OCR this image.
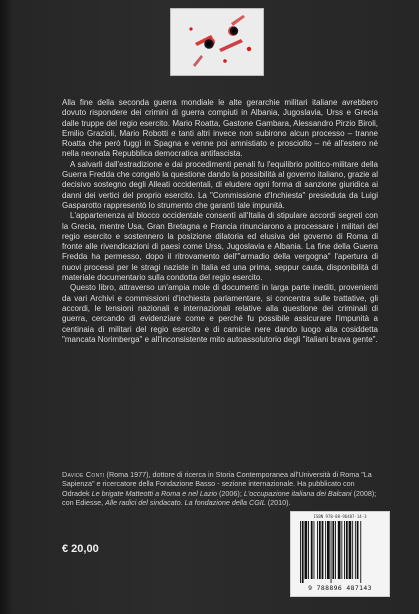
Alla fine della seconda guerra mondiale le alte gerarchie militari italiane avrebbero dovuto rispondere dei crimini di guerra compiuti in Albania, Jugoslavia, Urss e Grecia dalle truppe del regio esercito. Mario Roatta, Gastone Gambara, Alessandro Pirzio Biroli, Emilio Grazioli, Mario Robotti e tanti altri invece non subirono alcun processo – tranne Roatta che però fuggì in Spagna e venne poi amnistiato e prosciolto – né all'estero né nella neonata Repubblica democratica antifascista.

A salvarli dall'estradizione e dai procedimenti penali fu l'equilibrio politico-militare della Guerra Fredda che congelò la questione dando la possibilità al governo italiano, grazie al decisivo sostegno degli Alleati occidentali, di eludere ogni forma di sanzione giuridica ai danni dei vertici del proprio esercito. La "Commissione d'Inchiesta" presieduta da Luigi Gasparotto rappresentò lo strumento che garantì tale impunità.

L'appartenenza al blocco occidentale consentì all'Italia di stipulare accordi segreti con la Grecia, mentre Usa, Gran Bretagna e Francia rinunciarono a processare i militari del regio esercito e sostennero la posizione dilatoria ed elusiva del governo di Roma di fronte alle rivendicazioni di paesi come Urss, Jugoslavia e Albania. La fine della Guerra Fredda ha permesso, dopo il ritrovamento dell'"armadio della vergogna" l'apertura di nuovi processi per le stragi naziste in Italia ed una prima, seppur cauta, disponibilità di materiale documentario sulla condotta del regio esercito.

Questo libro, attraverso un'ampia mole di documenti in larga parte inediti, provenienti da vari Archivi e commissioni d'inchiesta parlamentare, si concentra sulle trattative, gli accordi, le tensioni nazionali e internazionali relative alla questione dei criminali di guerra, cercando di evidenziare come e perché fu possibile assicurare l'impunità a centinaia di militari del regio esercito e di camicie nere dando luogo alla cosiddetta "mancata Norimberga" e all'inconsistente mito autoassolutorio degli "italiani brava gente".

Davide Conti (Roma 1977), dottore di ricerca in Storia Contemporanea all'Università di Roma "La Sapienza" e ricercatore della Fondazione Basso - sezione internazionale. Ha pubblicato con Odradek Le brigate Matteotti a Roma e nel Lazio (2006); L'occupazione italiana dei Balcani (2008); con Ediesse, Alle radici del sindacato. La fondazione della CGIL (2010).
€ 20,00
ISBN 978-88-96487-14-3
9 788896 487143
